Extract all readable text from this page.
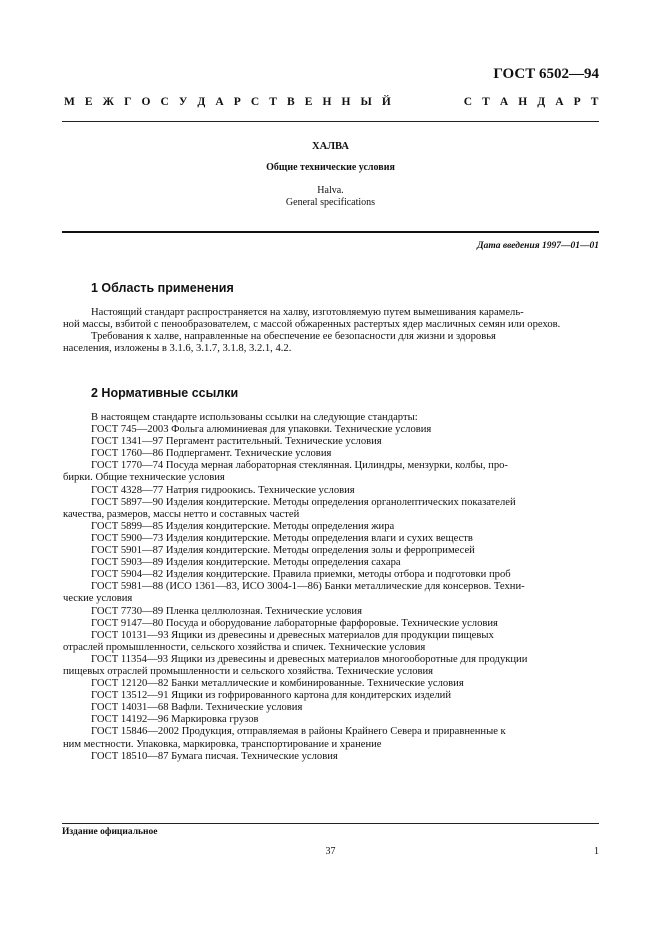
ГОСТ 6502—94
М Е Ж Г О С У Д А Р С Т В Е Н Н Ы Й	С Т А Н Д А Р Т
ХАЛВА
Общие технические условия
Halva.
General specifications
Дата введения 1997—01—01
1 Область применения

Настоящий стандарт распространяется на халву, изготовляемую путем вымешивания карамель-
ной массы, взбитой с пенообразователем, с массой обжаренных растертых ядер масличных семян или орехов.

Требования к халве, направленные на обеспечение ее безопасности для жизни и здоровья
населения, изложены в 3.1.6, 3.1.7, 3.1.8, 3.2.1, 4.2.

2 Нормативные ссылки
В настоящем стандарте использованы ссылки на следующие стандарты:
ГОСТ 745—2003 Фольга алюминиевая для упаковки. Технические условия
ГОСТ 1341—97 Пергамент растительный. Технические условия
ГОСТ 1760—86 Подпергамент. Технические условия
ГОСТ 1770—74 Посуда мерная лабораторная стеклянная. Цилиндры, мензурки, колбы, про-
бирки. Общие технические условия
ГОСТ 4328—77 Натрия гидроокись. Технические условия
ГОСТ 5897—90 Изделия кондитерские. Методы определения органолептических показателей
качества, размеров, массы нетто и составных частей
ГОСТ 5899—85 Изделия кондитерские. Методы определения жира
ГОСТ 5900—73 Изделия кондитерские. Методы определения влаги и сухих веществ
ГОСТ 5901—87 Изделия кондитерские. Методы определения золы и ферропримесей
ГОСТ 5903—89 Изделия кондитерские. Методы определения сахара
ГОСТ 5904—82 Изделия кондитерские. Правила приемки, методы отбора и подготовки проб
ГОСТ 5981—88 (ИСО 1361—83, ИСО 3004-1—86) Банки металлические для консервов. Техни-
ческие условия
ГОСТ 7730—89 Пленка целлюлозная. Технические условия
ГОСТ 9147—80 Посуда и оборудование лабораторные фарфоровые. Технические условия
ГОСТ 10131—93 Ящики из древесины и древесных материалов для продукции пищевых
отраслей промышленности, сельского хозяйства и спичек. Технические условия
ГОСТ 11354—93 Ящики из древесины и древесных материалов многооборотные для продукции
пищевых отраслей промышленности и сельского хозяйства. Технические условия
ГОСТ 12120—82 Банки металлические и комбинированные. Технические условия
ГОСТ 13512—91 Ящики из гофрированного картона для кондитерских изделий
ГОСТ 14031—68 Вафли. Технические условия
ГОСТ 14192—96 Маркировка грузов
ГОСТ 15846—2002 Продукция, отправляемая в районы Крайнего Севера и приравненные к
ним местности. Упаковка, маркировка, транспортирование и хранение
ГОСТ 18510—87 Бумага писчая. Технические условия
Издание официальное
37	1
